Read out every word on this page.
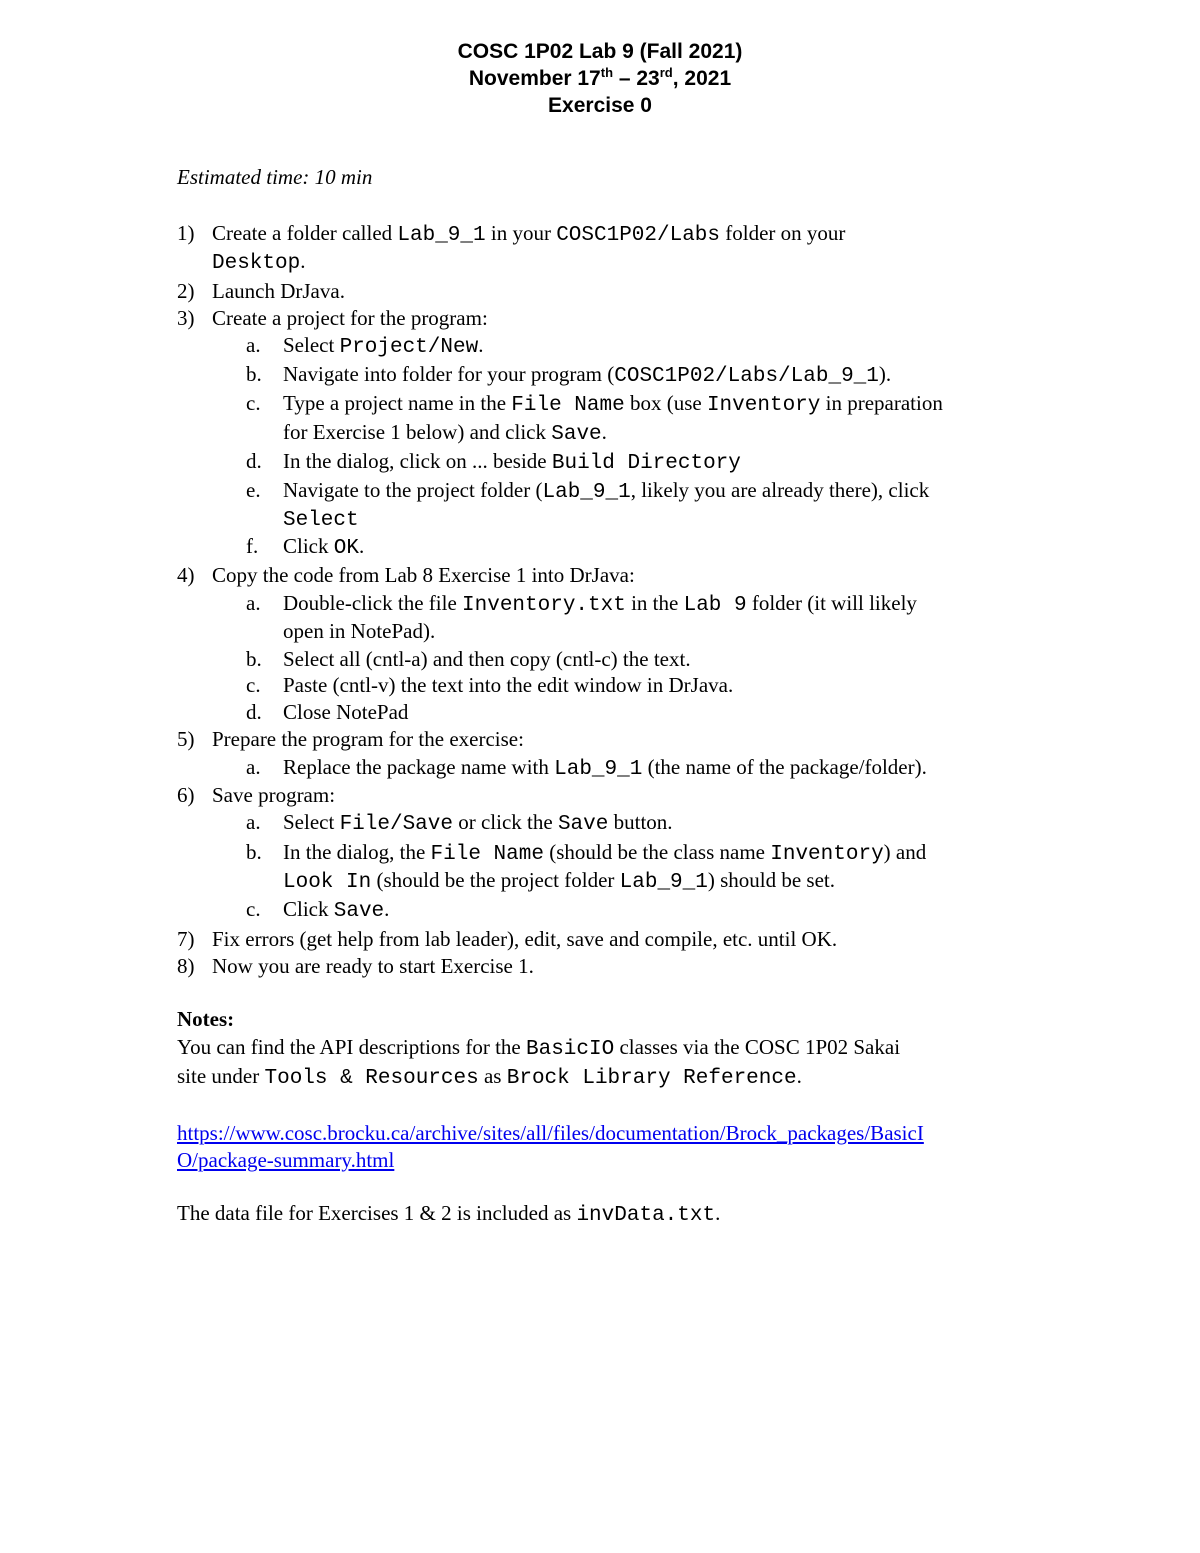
COSC 1P02 Lab 9 (Fall 2021)
November 17th – 23rd, 2021
Exercise 0
Estimated time: 10 min
1) Create a folder called Lab_9_1 in your COSC1P02/Labs folder on your
Desktop.
2) Launch DrJava.
3) Create a project for the program:
a. Select Project/New.
b. Navigate into folder for your program (COSC1P02/Labs/Lab_9_1).
c. Type a project name in the File Name box (use Inventory in preparation
for Exercise 1 below) and click Save.
d. In the dialog, click on ... beside Build Directory
e. Navigate to the project folder (Lab_9_1, likely you are already there), click
Select
f. Click OK.
4) Copy the code from Lab 8 Exercise 1 into DrJava:
a. Double-click the file Inventory.txt in the Lab 9 folder (it will likely
open in NotePad).
b. Select all (cntl-a) and then copy (cntl-c) the text.
c. Paste (cntl-v) the text into the edit window in DrJava.
d. Close NotePad
5) Prepare the program for the exercise:
a. Replace the package name with Lab_9_1 (the name of the package/folder).
6) Save program:
a. Select File/Save or click the Save button.
b. In the dialog, the File Name (should be the class name Inventory) and
Look In (should be the project folder Lab_9_1) should be set.
c. Click Save.
7) Fix errors (get help from lab leader), edit, save and compile, etc. until OK.
8) Now you are ready to start Exercise 1.
Notes:
You can find the API descriptions for the BasicIO classes via the COSC 1P02 Sakai
site under Tools & Resources as Brock Library Reference.
https://www.cosc.brocku.ca/archive/sites/all/files/documentation/Brock_packages/BasicI
O/package-summary.html
The data file for Exercises 1 & 2 is included as invData.txt.
